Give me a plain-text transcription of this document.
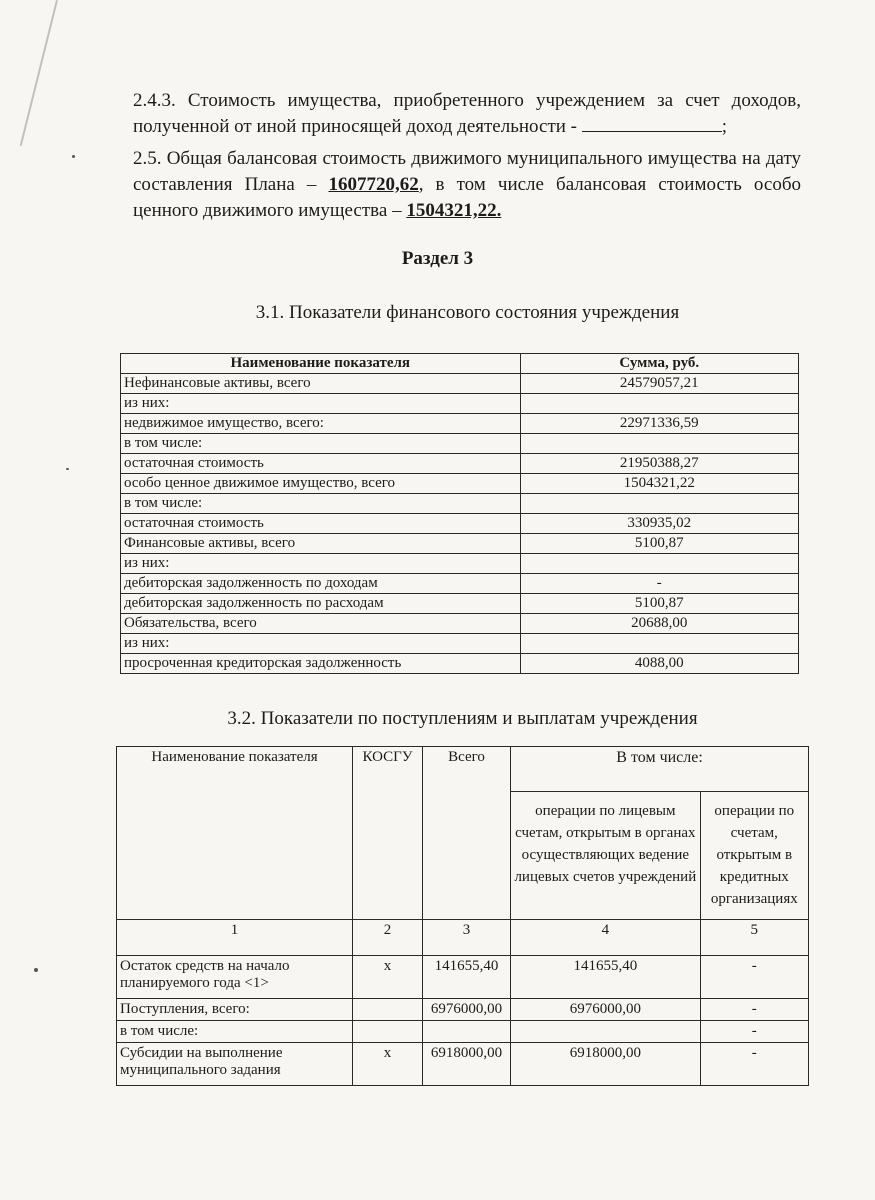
2.4.3. Стоимость имущества, приобретенного учреждением за счет доходов, полученной от иной приносящей доход деятельности -	;
2.5. Общая балансовая стоимость движимого муниципального имущества на дату составления Плана – 1607720,62, в том числе балансовая стоимость особо ценного движимого имущества – 1504321,22.
Раздел 3
3.1. Показатели финансового состояния учреждения
Наименование показателя	Сумма, руб.
Нефинансовые активы, всего	24579057,21
из них:	
недвижимое имущество, всего:	22971336,59
в том числе:	
остаточная стоимость	21950388,27
особо ценное движимое имущество, всего	1504321,22
в том числе:	
остаточная стоимость	330935,02
Финансовые активы, всего	5100,87
из них:	
дебиторская задолженность по доходам	-
дебиторская задолженность по расходам	5100,87
Обязательства, всего	20688,00
из них:	
просроченная кредиторская задолженность	4088,00
3.2. Показатели по поступлениям и выплатам учреждения
Наименование показателя	КОСГУ	Всего	В том числе:	
			операции по лицевым счетам, открытым в органах осуществляющих ведение лицевых счетов учреждений	операции по счетам, открытым в кредитных организациях
1	2	3	4	5
Остаток средств на начало планируемого года <1>	х	141655,40	141655,40	-
Поступления, всего:		6976000,00	6976000,00	-
в том числе:				-
Субсидии на выполнение муниципального задания	х	6918000,00	6918000,00	-
